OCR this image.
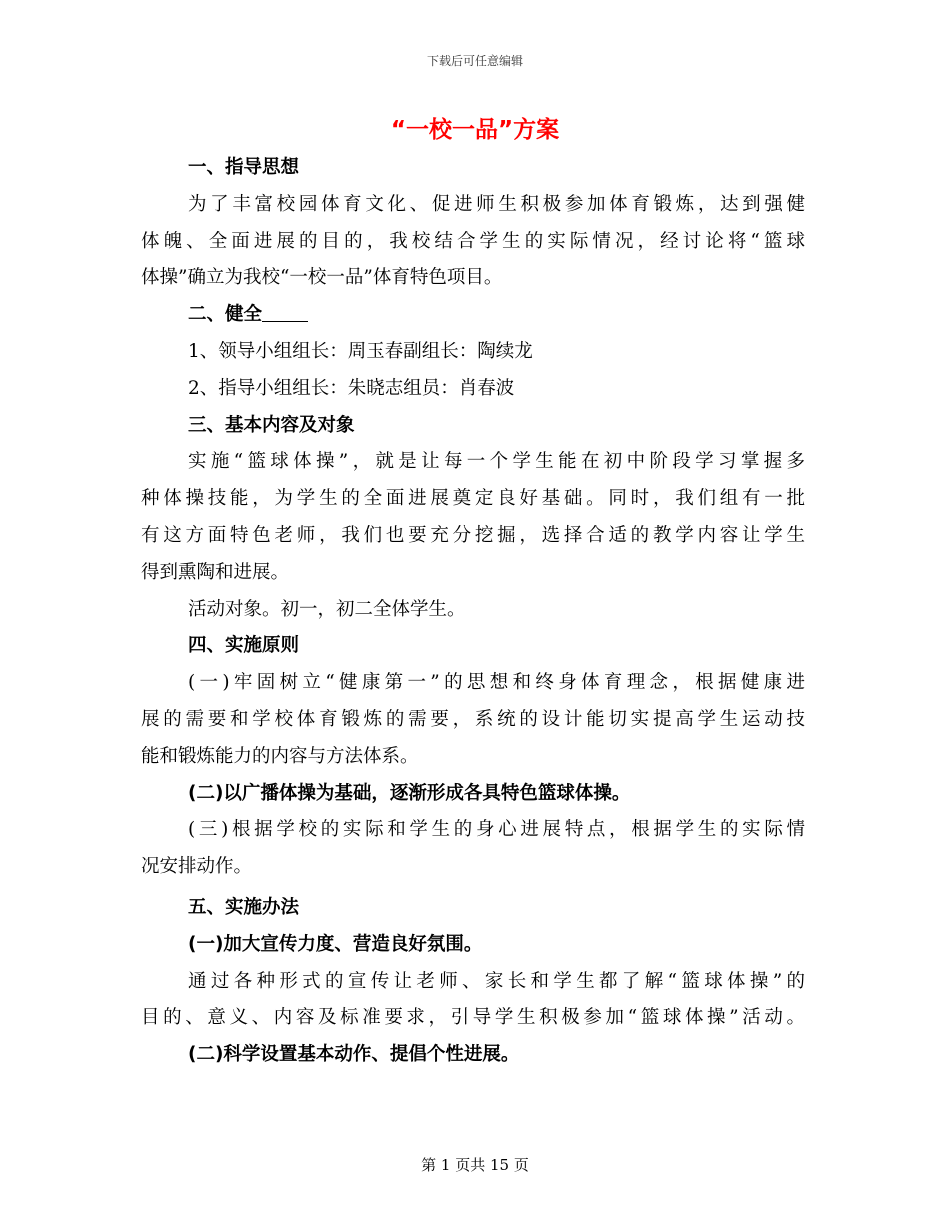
下载后可任意编辑
“一校一品”方案
一、指导思想
为了丰富校园体育文化、促进师生积极参加体育锻炼，达到强健
体魄、全面进展的目的，我校结合学生的实际情况，经讨论将“篮球
体操”确立为我校“一校一品”体育特色项目。
二、健全
1、领导小组组长：周玉春副组长：陶续龙
2、指导小组组长：朱晓志组员：肖春波
三、基本内容及对象
实施“篮球体操”，就是让每一个学生能在初中阶段学习掌握多
种体操技能，为学生的全面进展奠定良好基础。同时，我们组有一批
有这方面特色老师，我们也要充分挖掘，选择合适的教学内容让学生
得到熏陶和进展。
活动对象。初一，初二全体学生。
四、实施原则
(一)牢固树立“健康第一”的思想和终身体育理念，根据健康进
展的需要和学校体育锻炼的需要，系统的设计能切实提高学生运动技
能和锻炼能力的内容与方法体系。
(二)以广播体操为基础，逐渐形成各具特色篮球体操。
(三)根据学校的实际和学生的身心进展特点，根据学生的实际情
况安排动作。
五、实施办法
(一)加大宣传力度、营造良好氛围。
通过各种形式的宣传让老师、家长和学生都了解“篮球体操”的
目的、意义、内容及标准要求，引导学生积极参加“篮球体操”活动。
(二)科学设置基本动作、提倡个性进展。
第 1 页共 15 页
